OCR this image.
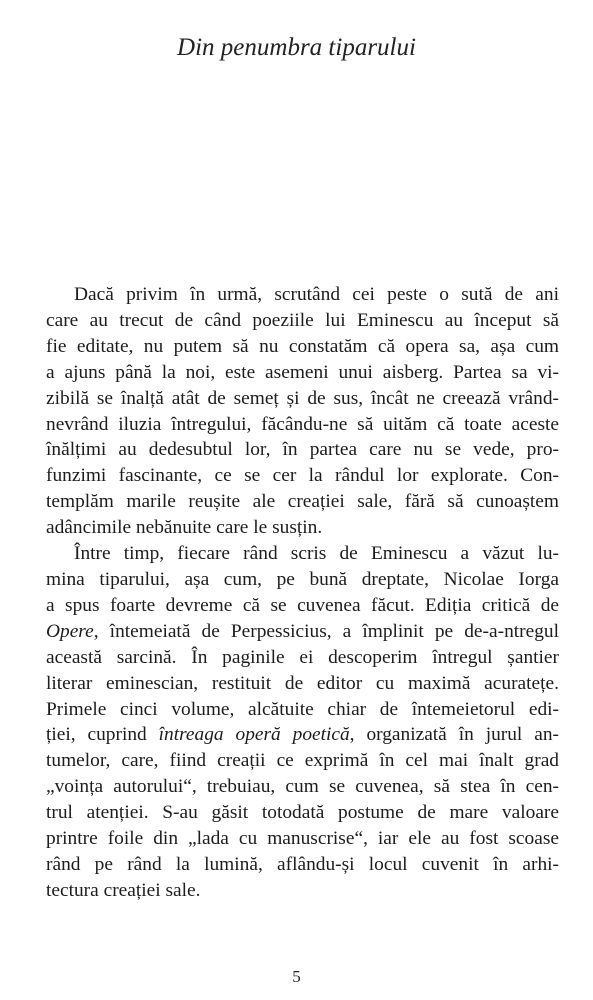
Din penumbra tiparului
Dacă privim în urmă, scrutând cei peste o sută de ani
care au trecut de când poeziile lui Eminescu au început să
fie editate, nu putem să nu constatăm că opera sa, așa cum
a ajuns până la noi, este asemeni unui aisberg. Partea sa vi-
zibilă se înalță atât de semeț și de sus, încât ne creează vrând-
nevrând iluzia întregului, făcându-ne să uităm că toate aceste
înălțimi au dedesubtul lor, în partea care nu se vede, pro-
funzimi fascinante, ce se cer la rândul lor explorate. Con-
templăm marile reușite ale creației sale, fără să cunoaștem
adâncimile nebănuite care le susțin.
Între timp, fiecare rând scris de Eminescu a văzut lu-
mina tiparului, așa cum, pe bună dreptate, Nicolae Iorga
a spus foarte devreme că se cuvenea făcut. Ediția critică de
Opere, întemeiată de Perpessicius, a împlinit pe de-a-ntregul
această sarcină. În paginile ei descoperim întregul șantier
literar eminescian, restituit de editor cu maximă acuratețe.
Primele cinci volume, alcătuite chiar de întemeietorul edi-
ției, cuprind întreaga operă poetică, organizată în jurul an-
tumelor, care, fiind creații ce exprimă în cel mai înalt grad
„voința autorului“, trebuiau, cum se cuvenea, să stea în cen-
trul atenției. S-au găsit totodată postume de mare valoare
printre foile din „lada cu manuscrise“, iar ele au fost scoase
rând pe rând la lumină, aflându-și locul cuvenit în arhi-
tectura creației sale.
5
